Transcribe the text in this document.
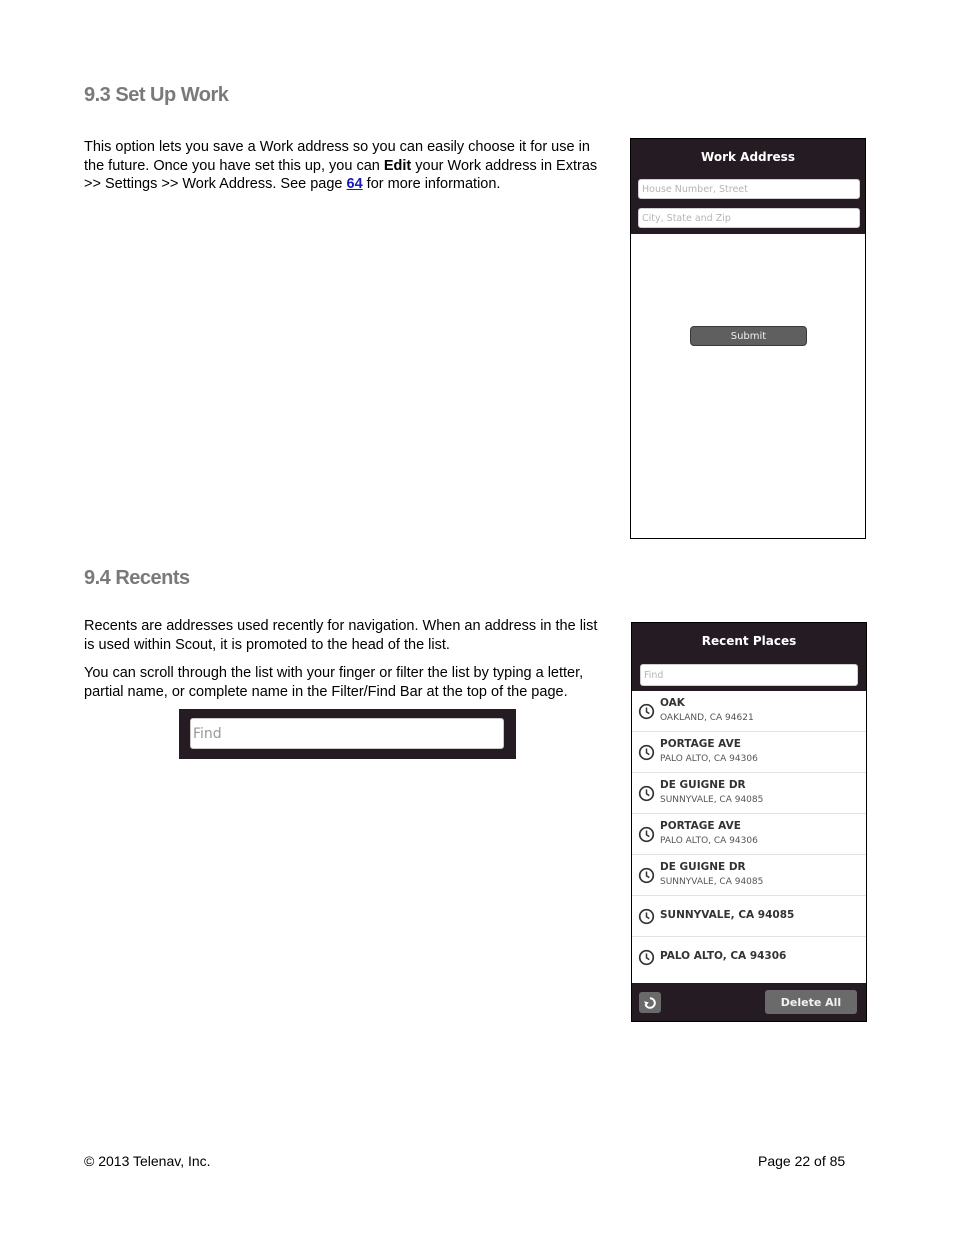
9.3 Set Up Work

This option lets you save a Work address so you can easily choose it for use in the future. Once you have set this up, you can Edit your Work address in Extras >> Settings >> Work Address. See page 64 for more information.

Work Address
House Number, Street
City, State and Zip
Submit
9.4 Recents

Recents are addresses used recently for navigation. When an address in the list is used within Scout, it is promoted to the head of the list.

You can scroll through the list with your finger or filter the list by typing a letter, partial name, or complete name in the Filter/Find Bar at the top of the page.

Find
Recent Places
Find
OAK
OAKLAND, CA 94621
PORTAGE AVE
PALO ALTO, CA 94306
DE GUIGNE DR
SUNNYVALE, CA 94085
PORTAGE AVE
PALO ALTO, CA 94306
DE GUIGNE DR
SUNNYVALE, CA 94085
SUNNYVALE, CA 94085
PALO ALTO, CA 94306
Delete All

© 2013 Telenav, Inc.	Page 22 of 85
